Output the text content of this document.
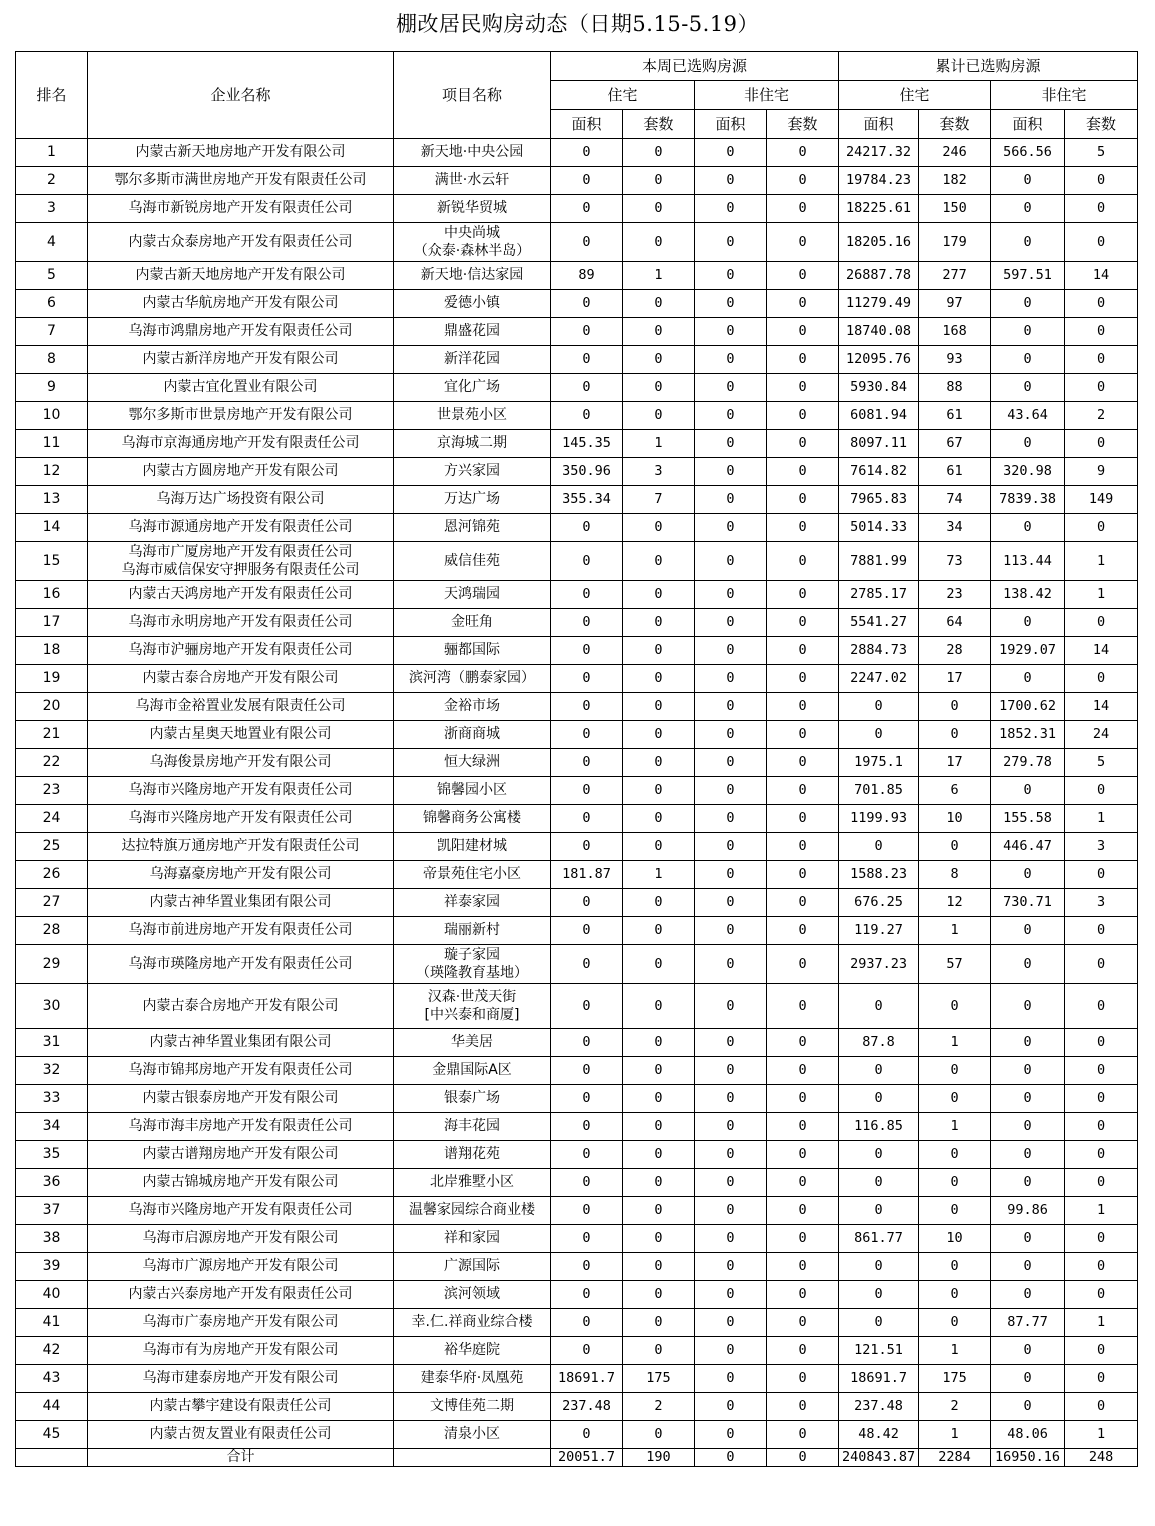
棚改居民购房动态（日期5.15-5.19）
排名	企业名称	项目名称	本周已选购房源				累计已选购房源			
			住宅		非住宅		住宅		非住宅	
			面积	套数	面积	套数	面积	套数	面积	套数
1	内蒙古新天地房地产开发有限公司	新天地·中央公园	0	0	0	0	24217.32	246	566.56	5
2	鄂尔多斯市满世房地产开发有限责任公司	满世·水云轩	0	0	0	0	19784.23	182	0	0
3	乌海市新锐房地产开发有限责任公司	新锐华贸城	0	0	0	0	18225.61	150	0	0
4	内蒙古众泰房地产开发有限责任公司	中央尚城
（众泰·森林半岛）	0	0	0	0	18205.16	179	0	0
5	内蒙古新天地房地产开发有限公司	新天地·信达家园	89	1	0	0	26887.78	277	597.51	14
6	内蒙古华航房地产开发有限公司	爱德小镇	0	0	0	0	11279.49	97	0	0
7	乌海市鸿鼎房地产开发有限责任公司	鼎盛花园	0	0	0	0	18740.08	168	0	0
8	内蒙古新洋房地产开发有限公司	新洋花园	0	0	0	0	12095.76	93	0	0
9	内蒙古宜化置业有限公司	宜化广场	0	0	0	0	5930.84	88	0	0
10	鄂尔多斯市世景房地产开发有限公司	世景苑小区	0	0	0	0	6081.94	61	43.64	2
11	乌海市京海通房地产开发有限责任公司	京海城二期	145.35	1	0	0	8097.11	67	0	0
12	内蒙古方圆房地产开发有限公司	方兴家园	350.96	3	0	0	7614.82	61	320.98	9
13	乌海万达广场投资有限公司	万达广场	355.34	7	0	0	7965.83	74	7839.38	149
14	乌海市源通房地产开发有限责任公司	恩河锦苑	0	0	0	0	5014.33	34	0	0
15	乌海市广厦房地产开发有限责任公司
乌海市威信保安守押服务有限责任公司	威信佳苑	0	0	0	0	7881.99	73	113.44	1
16	内蒙古天鸿房地产开发有限责任公司	天鸿瑞园	0	0	0	0	2785.17	23	138.42	1
17	乌海市永明房地产开发有限责任公司	金旺角	0	0	0	0	5541.27	64	0	0
18	乌海市沪骊房地产开发有限责任公司	骊都国际	0	0	0	0	2884.73	28	1929.07	14
19	内蒙古泰合房地产开发有限公司	滨河湾（鹏泰家园）	0	0	0	0	2247.02	17	0	0
20	乌海市金裕置业发展有限责任公司	金裕市场	0	0	0	0	0	0	1700.62	14
21	内蒙古星奥天地置业有限公司	浙商商城	0	0	0	0	0	0	1852.31	24
22	乌海俊景房地产开发有限公司	恒大绿洲	0	0	0	0	1975.1	17	279.78	5
23	乌海市兴隆房地产开发有限责任公司	锦馨园小区	0	0	0	0	701.85	6	0	0
24	乌海市兴隆房地产开发有限责任公司	锦馨商务公寓楼	0	0	0	0	1199.93	10	155.58	1
25	达拉特旗万通房地产开发有限责任公司	凯阳建材城	0	0	0	0	0	0	446.47	3
26	乌海嘉豪房地产开发有限公司	帝景苑住宅小区	181.87	1	0	0	1588.23	8	0	0
27	内蒙古神华置业集团有限公司	祥泰家园	0	0	0	0	676.25	12	730.71	3
28	乌海市前进房地产开发有限责任公司	瑞丽新村	0	0	0	0	119.27	1	0	0
29	乌海市瑛隆房地产开发有限责任公司	璇子家园
（瑛隆教育基地）	0	0	0	0	2937.23	57	0	0
30	内蒙古泰合房地产开发有限公司	汉森·世茂天街
[中兴泰和商厦]	0	0	0	0	0	0	0	0
31	内蒙古神华置业集团有限公司	华美居	0	0	0	0	87.8	1	0	0
32	乌海市锦邦房地产开发有限责任公司	金鼎国际A区	0	0	0	0	0	0	0	0
33	内蒙古银泰房地产开发有限公司	银泰广场	0	0	0	0	0	0	0	0
34	乌海市海丰房地产开发有限责任公司	海丰花园	0	0	0	0	116.85	1	0	0
35	内蒙古谱翔房地产开发有限公司	谱翔花苑	0	0	0	0	0	0	0	0
36	内蒙古锦城房地产开发有限公司	北岸雅墅小区	0	0	0	0	0	0	0	0
37	乌海市兴隆房地产开发有限责任公司	温馨家园综合商业楼	0	0	0	0	0	0	99.86	1
38	乌海市启源房地产开发有限公司	祥和家园	0	0	0	0	861.77	10	0	0
39	乌海市广源房地产开发有限公司	广源国际	0	0	0	0	0	0	0	0
40	内蒙古兴泰房地产开发有限责任公司	滨河领域	0	0	0	0	0	0	0	0
41	乌海市广泰房地产开发有限公司	幸.仁.祥商业综合楼	0	0	0	0	0	0	87.77	1
42	乌海市有为房地产开发有限公司	裕华庭院	0	0	0	0	121.51	1	0	0
43	乌海市建泰房地产开发有限公司	建泰华府·凤凰苑	18691.7	175	0	0	18691.7	175	0	0
44	内蒙古攀宇建设有限责任公司	文博佳苑二期	237.48	2	0	0	237.48	2	0	0
45	内蒙古贺友置业有限责任公司	清泉小区	0	0	0	0	48.42	1	48.06	1
	合计		20051.7	190	0	0	240843.87	2284	16950.16	248
